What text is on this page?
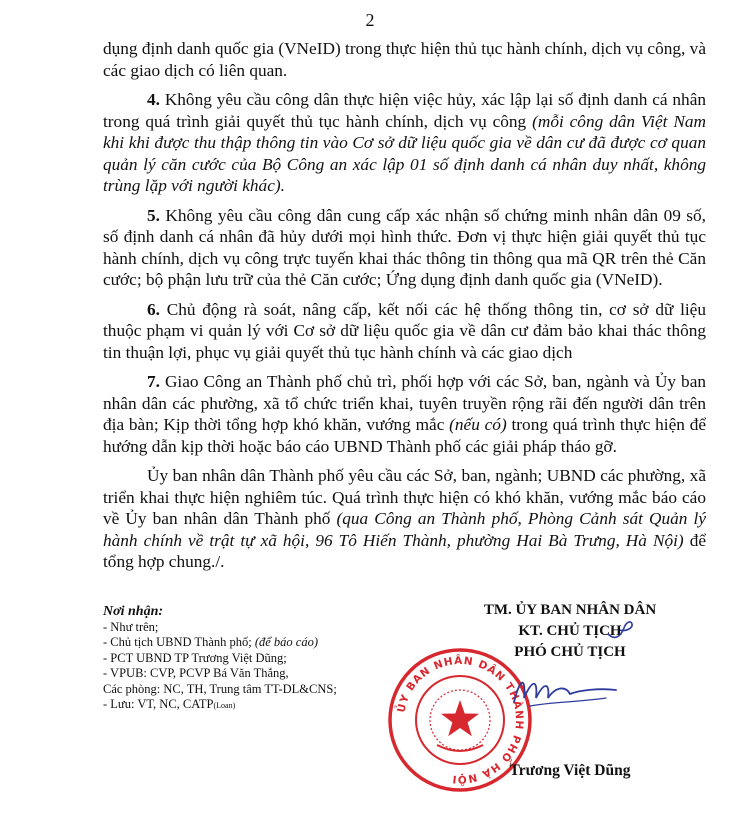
2

dụng định danh quốc gia (VNeID) trong thực hiện thủ tục hành chính, dịch vụ công, và các giao dịch có liên quan.

4. Không yêu cầu công dân thực hiện việc hủy, xác lập lại số định danh cá nhân trong quá trình giải quyết thủ tục hành chính, dịch vụ công (mỗi công dân Việt Nam khi khi được thu thập thông tin vào Cơ sở dữ liệu quốc gia về dân cư đã được cơ quan quản lý căn cước của Bộ Công an xác lập 01 số định danh cá nhân duy nhất, không trùng lặp với người khác).

5. Không yêu cầu công dân cung cấp xác nhận số chứng minh nhân dân 09 số, số định danh cá nhân đã hủy dưới mọi hình thức. Đơn vị thực hiện giải quyết thủ tục hành chính, dịch vụ công trực tuyến khai thác thông tin thông qua mã QR trên thẻ Căn cước; bộ phận lưu trữ của thẻ Căn cước; Ứng dụng định danh quốc gia (VNeID).

6. Chủ động rà soát, nâng cấp, kết nối các hệ thống thông tin, cơ sở dữ liệu thuộc phạm vi quản lý với Cơ sở dữ liệu quốc gia về dân cư đảm bảo khai thác thông tin thuận lợi, phục vụ giải quyết thủ tục hành chính và các giao dịch

7. Giao Công an Thành phố chủ trì, phối hợp với các Sở, ban, ngành và Ủy ban nhân dân các phường, xã tổ chức triển khai, tuyên truyền rộng rãi đến người dân trên địa bàn; Kịp thời tổng hợp khó khăn, vướng mắc (nếu có) trong quá trình thực hiện để hướng dẫn kịp thời hoặc báo cáo UBND Thành phố các giải pháp tháo gỡ.

Ủy ban nhân dân Thành phố yêu cầu các Sở, ban, ngành; UBND các phường, xã triển khai thực hiện nghiêm túc. Quá trình thực hiện có khó khăn, vướng mắc báo cáo về Ủy ban nhân dân Thành phố (qua Công an Thành phố, Phòng Cảnh sát Quản lý hành chính về trật tự xã hội, 96 Tô Hiến Thành, phường Hai Bà Trưng, Hà Nội) để tổng hợp chung./.

Nơi nhận:
- Như trên;
- Chủ tịch UBND Thành phố; (để báo cáo)
- PCT UBND TP Trương Việt Dũng;
- VPUB: CVP, PCVP Bá Văn Thắng,
Các phòng: NC, TH, Trung tâm TT-DL&CNS;
- Lưu: VT, NC, CATP(Loan)
TM. ỦY BAN NHÂN DÂN
KT. CHỦ TỊCH
PHÓ CHỦ TỊCH
ỦY BAN NHÂN DÂN THÀNH PHỐ HÀ NỘI	Trương Việt Dũng
